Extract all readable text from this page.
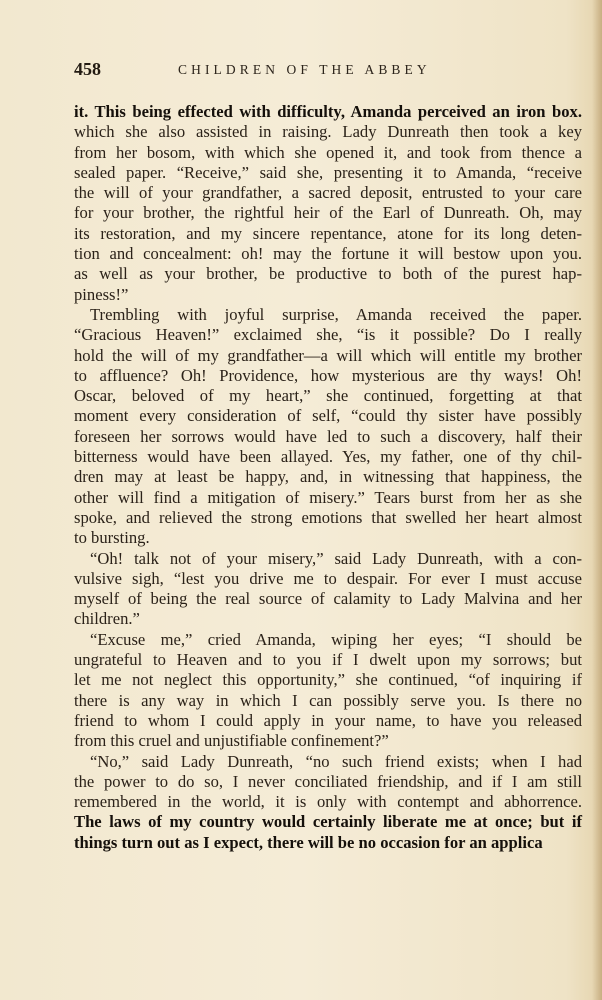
458	CHILDREN OF THE ABBEY
it. This being effected with difficulty, Amanda perceived an iron box.
which she also assisted in raising. Lady Dunreath then took a key
from her bosom, with which she opened it, and took from thence a
sealed paper. “Receive,” said she, presenting it to Amanda, “receive
the will of your grandfather, a sacred deposit, entrusted to your care
for your brother, the rightful heir of the Earl of Dunreath. Oh, may
its restoration, and my sincere repentance, atone for its long deten-
tion and concealment: oh! may the fortune it will bestow upon you.
as well as your brother, be productive to both of the purest hap-
piness!”
Trembling with joyful surprise, Amanda received the paper.
“Gracious Heaven!” exclaimed she, “is it possible? Do I really
hold the will of my grandfather—a will which will entitle my brother
to affluence? Oh! Providence, how mysterious are thy ways! Oh!
Oscar, beloved of my heart,” she continued, forgetting at that
moment every consideration of self, “could thy sister have possibly
foreseen her sorrows would have led to such a discovery, half their
bitterness would have been allayed. Yes, my father, one of thy chil-
dren may at least be happy, and, in witnessing that happiness, the
other will find a mitigation of misery.” Tears burst from her as she
spoke, and relieved the strong emotions that swelled her heart almost
to bursting.
“Oh! talk not of your misery,” said Lady Dunreath, with a con-
vulsive sigh, “lest you drive me to despair. For ever I must accuse
myself of being the real source of calamity to Lady Malvina and her
children.”
“Excuse me,” cried Amanda, wiping her eyes; “I should be
ungrateful to Heaven and to you if I dwelt upon my sorrows; but
let me not neglect this opportunity,” she continued, “of inquiring if
there is any way in which I can possibly serve you. Is there no
friend to whom I could apply in your name, to have you released
from this cruel and unjustifiable confinement?”
“No,” said Lady Dunreath, “no such friend exists; when I had
the power to do so, I never conciliated friendship, and if I am still
remembered in the world, it is only with contempt and abhorrence.
The laws of my country would certainly liberate me at once; but if
things turn out as I expect, there will be no occasion for an applica
